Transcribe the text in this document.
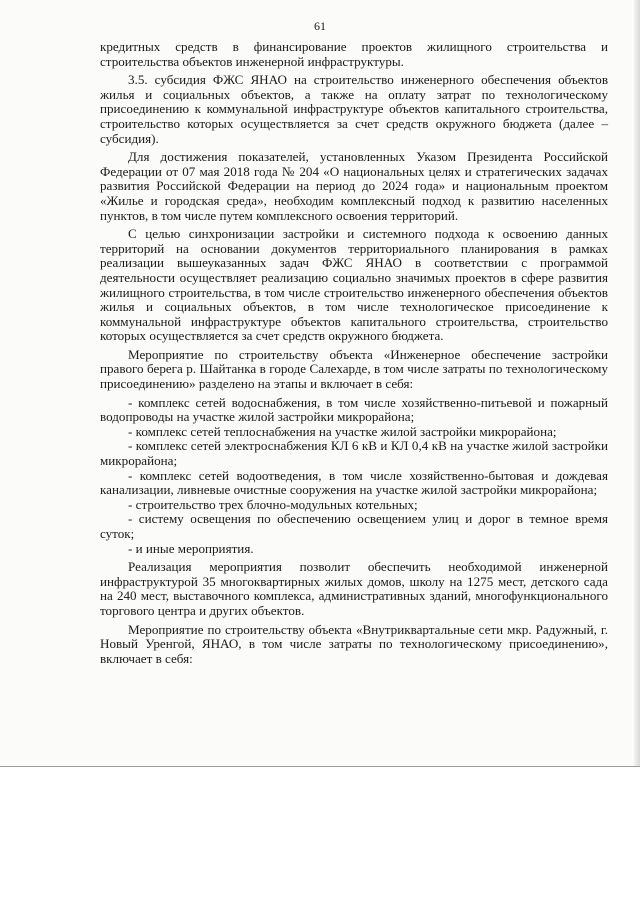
61

кредитных средств в финансирование проектов жилищного строительства и строительства объектов инженерной инфраструктуры.

3.5. субсидия ФЖС ЯНАО на строительство инженерного обеспечения объектов жилья и социальных объектов, а также на оплату затрат по технологическому присоединению к коммунальной инфраструктуре объектов капитального строительства, строительство которых осуществляется за счет средств окружного бюджета (далее – субсидия).

Для достижения показателей, установленных Указом Президента Российской Федерации от 07 мая 2018 года № 204 «О национальных целях и стратегических задачах развития Российской Федерации на период до 2024 года» и национальным проектом «Жилье и городская среда», необходим комплексный подход к развитию населенных пунктов, в том числе путем комплексного освоения территорий.

С целью синхронизации застройки и системного подхода к освоению данных территорий на основании документов территориального планирования в рамках реализации вышеуказанных задач ФЖС ЯНАО в соответствии с программой деятельности осуществляет реализацию социально значимых проектов в сфере развития жилищного строительства, в том числе строительство инженерного обеспечения объектов жилья и социальных объектов, в том числе технологическое присоединение к коммунальной инфраструктуре объектов капитального строительства, строительство которых осуществляется за счет средств окружного бюджета.

Мероприятие по строительству объекта «Инженерное обеспечение застройки правого берега р. Шайтанка в городе Салехарде, в том числе затраты по технологическому присоединению» разделено на этапы и включает в себя:

- комплекс сетей водоснабжения, в том числе хозяйственно-питьевой и пожарный водопроводы на участке жилой застройки микрорайона;

- комплекс сетей теплоснабжения на участке жилой застройки микрорайона;

- комплекс сетей электроснабжения КЛ 6 кВ и КЛ 0,4 кВ на участке жилой застройки микрорайона;

- комплекс сетей водоотведения, в том числе хозяйственно-бытовая и дождевая канализации, ливневые очистные сооружения на участке жилой застройки микрорайона;

- строительство трех блочно-модульных котельных;

- систему освещения по обеспечению освещением улиц и дорог в темное время суток;

- и иные мероприятия.

Реализация мероприятия позволит обеспечить необходимой инженерной инфраструктурой 35 многоквартирных жилых домов, школу на 1275 мест, детского сада на 240 мест, выставочного комплекса, административных зданий, многофункционального торгового центра и других объектов.

Мероприятие по строительству объекта «Внутриквартальные сети мкр. Радужный, г. Новый Уренгой, ЯНАО, в том числе затраты по технологическому присоединению», включает в себя:
